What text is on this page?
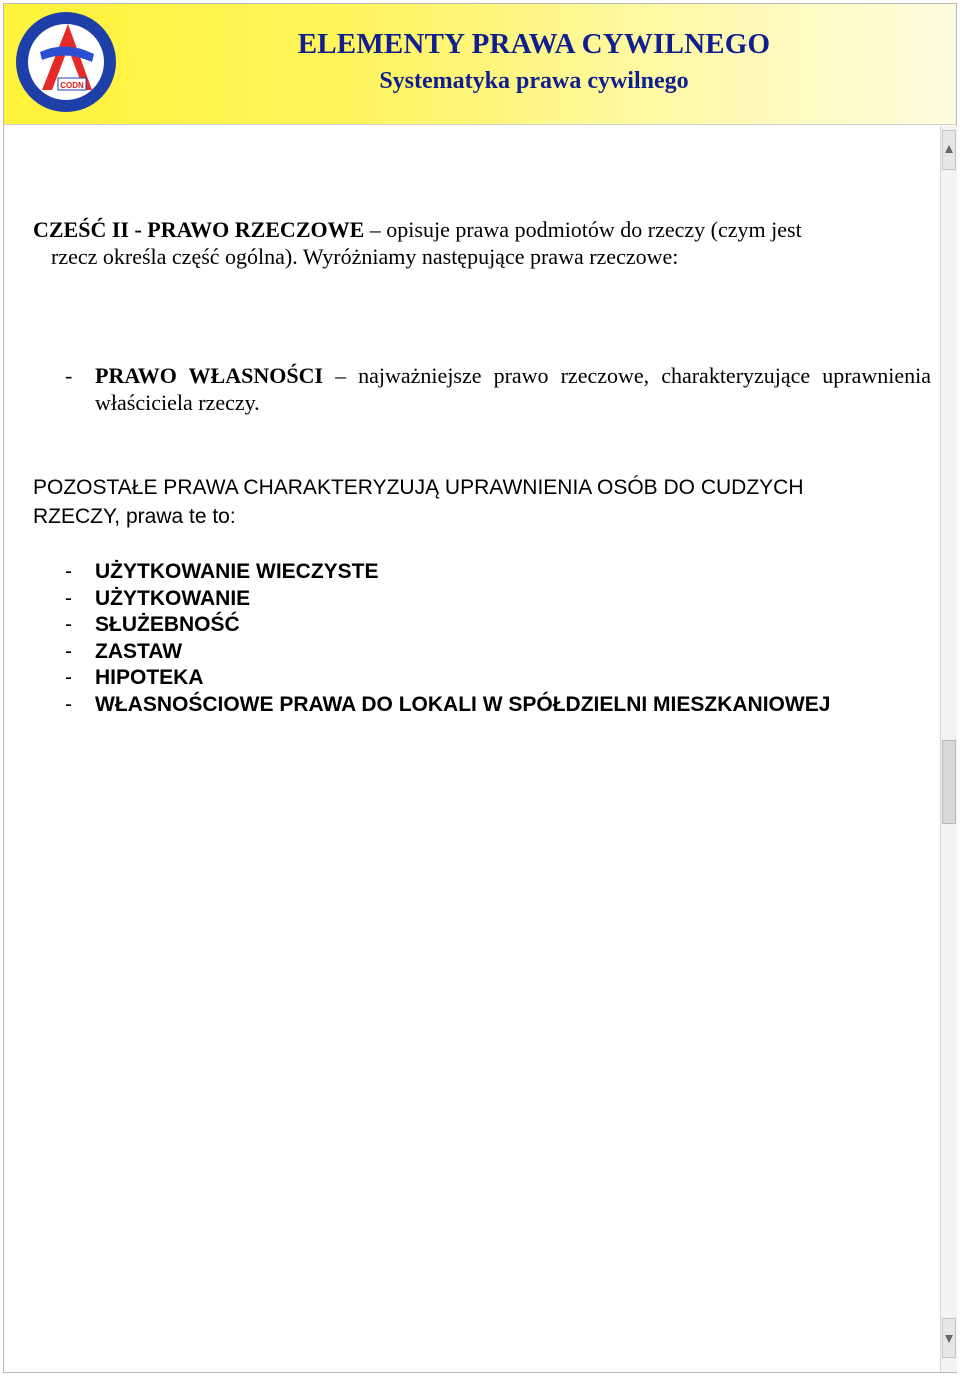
CODN
ELEMENTY PRAWA CYWILNEGO
Systematyka prawa cywilnego
CZEŚĆ II - PRAWO RZECZOWE – opisuje prawa podmiotów do rzeczy (czym jest
rzecz określa część ogólna). Wyróżniamy następujące prawa rzeczowe:
-	PRAWO WŁASNOŚCI – najważniejsze prawo rzeczowe, charakteryzujące uprawnienia właściciela rzeczy.
POZOSTAŁE PRAWA CHARAKTERYZUJĄ UPRAWNIENIA OSÓB DO CUDZYCH
RZECZY, prawa te to:
-	UŻYTKOWANIE WIECZYSTE
-	UŻYTKOWANIE
-	SŁUŻEBNOŚĆ
-	ZASTAW
-	HIPOTEKA
-	WŁASNOŚCIOWE PRAWA DO LOKALI W SPÓŁDZIELNI MIESZKANIOWEJ
